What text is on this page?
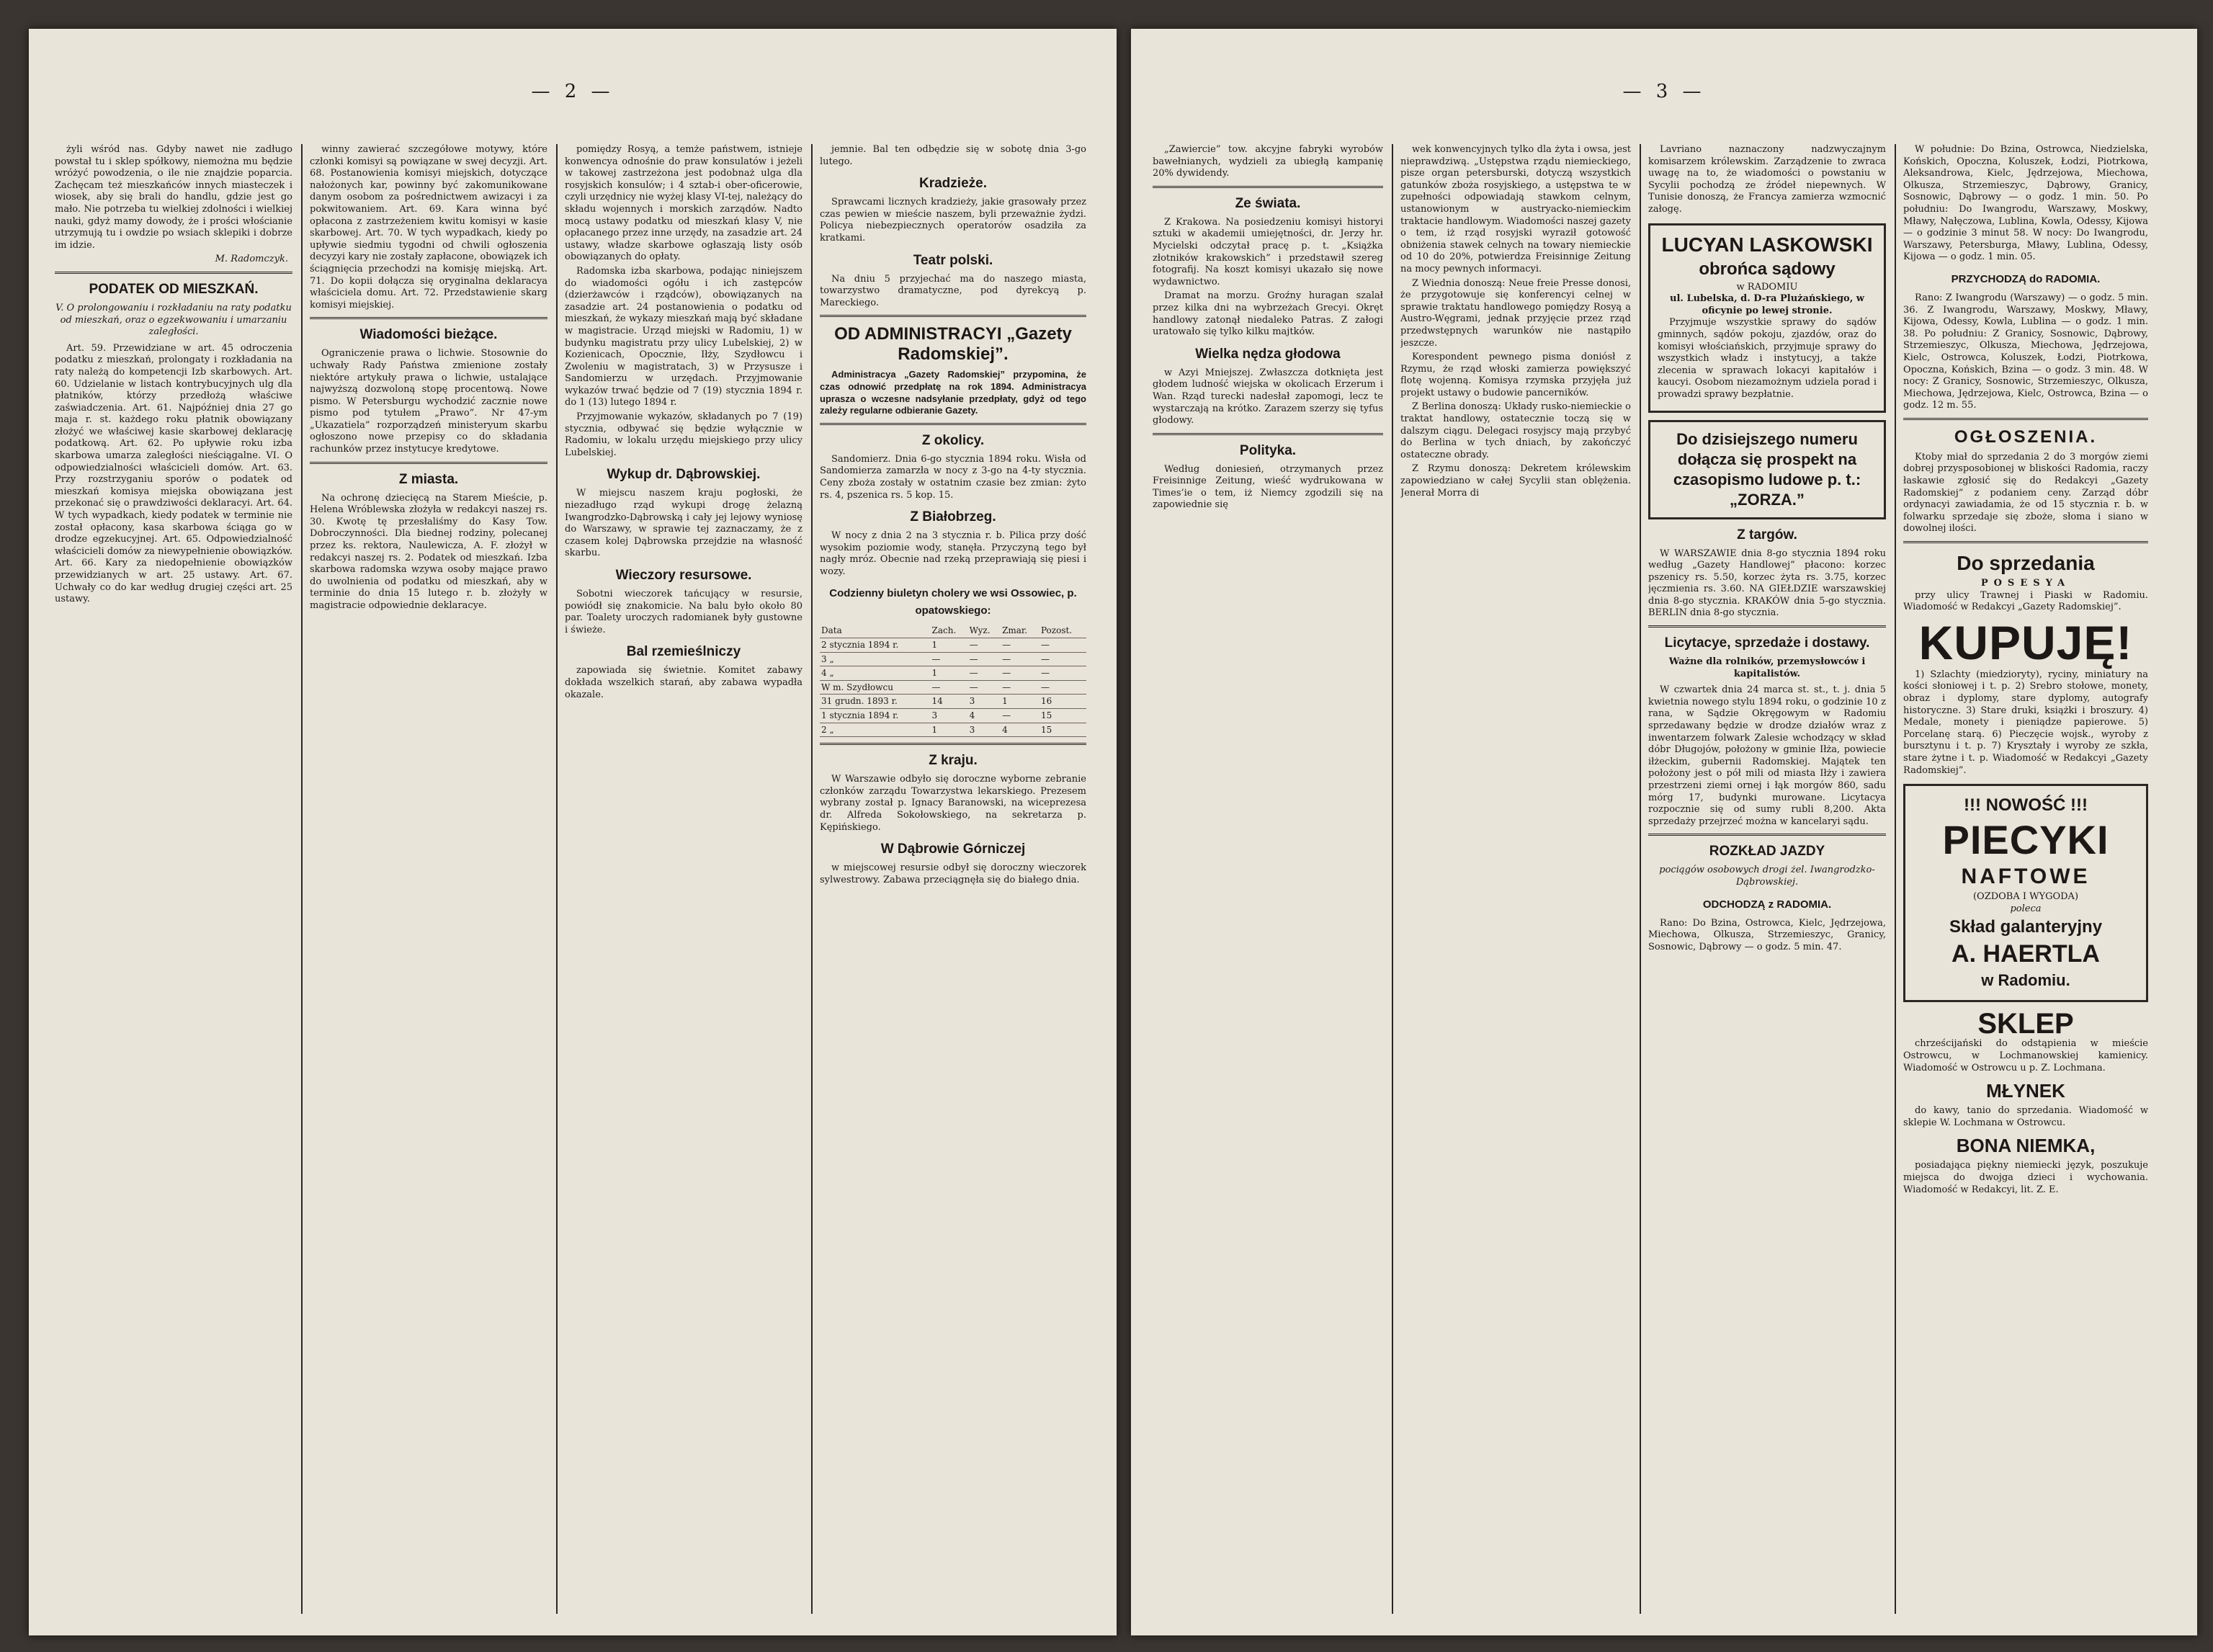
— 2 —

żyli wśród nas. Gdyby nawet nie zadługo powstał tu i sklep spółkowy, niemożna mu będzie wróżyć powodzenia, o ile nie znajdzie poparcia. Zachęcam też mieszkańców innych miasteczek i wiosek, aby się brali do handlu, gdzie jest go mało. Nie potrzeba tu wielkiej zdolności i wielkiej nauki, gdyż mamy dowody, że i prości włościanie utrzymują tu i owdzie po wsiach sklepiki i dobrze im idzie.

M. Radomczyk.
PODATEK OD MIESZKAŃ.
V. O prolongowaniu i rozkładaniu na raty podatku od mieszkań, oraz o egzekwowaniu i umarzaniu zaległości.

Art. 59. Przewidziane w art. 45 odroczenia podatku z mieszkań, prolongaty i rozkładania na raty należą do kompetencji Izb skarbowych. Art. 60. Udzielanie w listach kontrybucyjnych ulg dla płatników, którzy przedłożą właściwe zaświadczenia. Art. 61. Najpóźniej dnia 27 go maja r. st. każdego roku płatnik obowiązany złożyć we właściwej kasie skarbowej deklarację podatkową. Art. 62. Po upływie roku izba skarbowa umarza zaległości nieściągalne. VI. O odpowiedzialności właścicieli domów. Art. 63. Przy rozstrzyganiu sporów o podatek od mieszkań komisya miejska obowiązana jest przekonać się o prawdziwości deklaracyi. Art. 64. W tych wypadkach, kiedy podatek w terminie nie został opłacony, kasa skarbowa ściąga go w drodze egzekucyjnej. Art. 65. Odpowiedzialność właścicieli domów za niewypełnienie obowiązków. Art. 66. Kary za niedopełnienie obowiązków przewidzianych w art. 25 ustawy. Art. 67. Uchwały co do kar według drugiej części art. 25 ustawy.

winny zawierać szczegółowe motywy, które członki komisyi są powiązane w swej decyzji. Art. 68. Postanowienia komisyi miejskich, dotyczące nałożonych kar, powinny być zakomunikowane danym osobom za pośrednictwem awizacyi i za pokwitowaniem. Art. 69. Kara winna być opłacona z zastrzeżeniem kwitu komisyi w kasie skarbowej. Art. 70. W tych wypadkach, kiedy po upływie siedmiu tygodni od chwili ogłoszenia decyzyi kary nie zostały zapłacone, obowiązek ich ściągnięcia przechodzi na komisję miejską. Art. 71. Do kopii dołącza się oryginalna deklaracya właściciela domu. Art. 72. Przedstawienie skarg komisyi miejskiej.

Wiadomości bieżące.

Ograniczenie prawa o lichwie. Stosownie do uchwały Rady Państwa zmienione zostały niektóre artykuły prawa o lichwie, ustalające najwyższą dozwoloną stopę procentową. Nowe pismo. W Petersburgu wychodzić zacznie nowe pismo pod tytułem „Prawo”. Nr 47-ym „Ukazatiela” rozporządzeń ministeryum skarbu ogłoszono nowe przepisy co do składania rachunków przez instytucye kredytowe.

Z miasta.

Na ochronę dziecięcą na Starem Mieście, p. Helena Wróblewska złożyła w redakcyi naszej rs. 30. Kwotę tę przesłaliśmy do Kasy Tow. Dobroczynności. Dla biednej rodziny, polecanej przez ks. rektora, Naulewicza, A. F. złożył w redakcyi naszej rs. 2. Podatek od mieszkań. Izba skarbowa radomska wzywa osoby mające prawo do uwolnienia od podatku od mieszkań, aby w terminie do dnia 15 lutego r. b. złożyły w magistracie odpowiednie deklaracye.

pomiędzy Rosyą, a temże państwem, istnieje konwencya odnośnie do praw konsulatów i jeżeli w takowej zastrzeżona jest podobnaż ulga dla rosyjskich konsulów; i 4 sztab-i ober-oficerowie, czyli urzędnicy nie wyżej klasy VI-tej, należący do składu wojennych i morskich zarządów. Nadto mocą ustawy podatku od mieszkań klasy V, nie opłacanego przez inne urzędy, na zasadzie art. 24 ustawy, władze skarbowe ogłaszają listy osób obowiązanych do opłaty.

Radomska izba skarbowa, podając niniejszem do wiadomości ogółu i ich zastępców (dzierżawców i rządców), obowiązanych na zasadzie art. 24 postanowienia o podatku od mieszkań, że wykazy mieszkań mają być składane w magistracie. Urząd miejski w Radomiu, 1) w budynku magistratu przy ulicy Lubelskiej, 2) w Kozienicach, Opocznie, Iłży, Szydłowcu i Zwoleniu w magistratach, 3) w Przysusze i Sandomierzu w urzędach. Przyjmowanie wykazów trwać będzie od 7 (19) stycznia 1894 r. do 1 (13) lutego 1894 r.

Przyjmowanie wykazów, składanych po 7 (19) stycznia, odbywać się będzie wyłącznie w Radomiu, w lokalu urzędu miejskiego przy ulicy Lubelskiej.

Wykup dr. Dąbrowskiej.

W miejscu naszem kraju pogłoski, że niezadługo rząd wykupi drogę żelazną Iwangrodzko-Dąbrowską i cały jej lejowy wyniosę do Warszawy, w sprawie tej zaznaczamy, że z czasem kolej Dąbrowska przejdzie na własność skarbu.

Wieczory resursowe.

Sobotni wieczorek tańcujący w resursie, powiódł się znakomicie. Na balu było około 80 par. Toalety uroczych radomianek były gustowne i świeże.

Bal rzemieślniczy

zapowiada się świetnie. Komitet zabawy dokłada wszelkich starań, aby zabawa wypadła okazale.

jemnie. Bal ten odbędzie się w sobotę dnia 3-go lutego.

Kradzieże.

Sprawcami licznych kradzieży, jakie grasowały przez czas pewien w mieście naszem, byli przeważnie żydzi. Policya niebezpiecznych operatorów osadziła za kratkami.

Teatr polski.

Na dniu 5 przyjechać ma do naszego miasta, towarzystwo dramatyczne, pod dyrekcyą p. Mareckiego.

OD ADMINISTRACYI „Gazety Radomskiej”.

Administracya „Gazety Radomskiej” przypomina, że czas odnowić przedpłatę na rok 1894. Administracya uprasza o wczesne nadsyłanie przedpłaty, gdyż od tego zależy regularne odbieranie Gazety.

Z okolicy.

Sandomierz. Dnia 6-go stycznia 1894 roku. Wisła od Sandomierza zamarzła w nocy z 3-go na 4-ty stycznia. Ceny zboża zostały w ostatnim czasie bez zmian: żyto rs. 4, pszenica rs. 5 kop. 15.

Z Białobrzeg.

W nocy z dnia 2 na 3 stycznia r. b. Pilica przy dość wysokim poziomie wody, stanęła. Przyczyną tego był nagły mróz. Obecnie nad rzeką przeprawiają się piesi i wozy.

Codzienny biuletyn cholery we wsi Ossowiec, p. opatowskiego:
Data	Zach.	Wyz.	Zmar.	Pozost.
2 stycznia 1894 r.	1	—	—	—
3 „	—	—	—	—
4 „	1	—	—	—
W m. Szydłowcu	—	—	—	—
31 grudn. 1893 r.	14	3	1	16
1 stycznia 1894 r.	3	4	—	15
2 „	1	3	4	15
Z kraju.

W Warszawie odbyło się doroczne wyborne zebranie członków zarządu Towarzystwa lekarskiego. Prezesem wybrany został p. Ignacy Baranowski, na wiceprezesa dr. Alfreda Sokołowskiego, na sekretarza p. Kępińskiego.

W Dąbrowie Górniczej

w miejscowej resursie odbył się doroczny wieczorek sylwestrowy. Zabawa przeciągnęła się do białego dnia.

— 3 —

„Zawiercie” tow. akcyjne fabryki wyrobów bawełnianych, wydzieli za ubiegłą kampanię 20% dywidendy.

Ze świata.

Z Krakowa. Na posiedzeniu komisyi historyi sztuki w akademii umiejętności, dr. Jerzy hr. Mycielski odczytał pracę p. t. „Książka złotników krakowskich” i przedstawił szereg fotografij. Na koszt komisyi ukazało się nowe wydawnictwo.

Dramat na morzu. Groźny huragan szalał przez kilka dni na wybrzeżach Grecyi. Okręt handlowy zatonął niedaleko Patras. Z załogi uratowało się tylko kilku majtków.

Wielka nędza głodowa

w Azyi Mniejszej. Zwłaszcza dotknięta jest głodem ludność wiejska w okolicach Erzerum i Wan. Rząd turecki nadesłał zapomogi, lecz te wystarczają na krótko. Zarazem szerzy się tyfus głodowy.

Polityka.

Według doniesień, otrzymanych przez Freisinnige Zeitung, wieść wydrukowana w Times’ie o tem, iż Niemcy zgodzili się na zapowiednie się

wek konwencyjnych tylko dla żyta i owsa, jest nieprawdziwą. „Ustępstwa rządu niemieckiego, pisze organ petersburski, dotyczą wszystkich gatunków zboża rosyjskiego, a ustępstwa te w zupełności odpowiadają stawkom celnym, ustanowionym w austryacko-niemieckim traktacie handlowym. Wiadomości naszej gazety o tem, iż rząd rosyjski wyraził gotowość obniżenia stawek celnych na towary niemieckie od 10 do 20%, potwierdza Freisinnige Zeitung na mocy pewnych informacyi.

Z Wiednia donoszą: Neue freie Presse donosi, że przygotowuje się konferencyi celnej w sprawie traktatu handlowego pomiędzy Rosyą a Austro-Węgrami, jednak przyjęcie przez rząd przedwstępnych warunków nie nastąpiło jeszcze.

Korespondent pewnego pisma doniósł z Rzymu, że rząd włoski zamierza powiększyć flotę wojenną. Komisya rzymska przyjęła już projekt ustawy o budowie pancerników.

Z Berlina donoszą: Układy rusko-niemieckie o traktat handlowy, ostatecznie toczą się w dalszym ciągu. Delegaci rosyjscy mają przybyć do Berlina w tych dniach, by zakończyć ostateczne obrady.

Z Rzymu donoszą: Dekretem królewskim zapowiedziano w całej Sycylii stan oblężenia. Jenerał Morra di

Lavriano naznaczony nadzwyczajnym komisarzem królewskim. Zarządzenie to zwraca uwagę na to, że wiadomości o powstaniu w Sycylii pochodzą ze źródeł niepewnych. W Tunisie donoszą, że Francya zamierza wzmocnić załogę.

LUCYAN LASKOWSKI
obrońca sądowy
w RADOMIU
ul. Lubelska, d. D-ra Plużańskiego, w oficynie po lewej stronie.

Przyjmuje wszystkie sprawy do sądów gminnych, sądów pokoju, zjazdów, oraz do komisyi włościańskich, przyjmuje sprawy do wszystkich władz i instytucyj, a także zlecenia w sprawach lokacyi kapitałów i kaucyi. Osobom niezamożnym udziela porad i prowadzi sprawy bezpłatnie.

Do dzisiejszego numeru dołącza się prospekt na czasopismo ludowe p. t.: „ZORZA.”
Z targów.

W WARSZAWIE dnia 8-go stycznia 1894 roku według „Gazety Handlowej” płacono: korzec pszenicy rs. 5.50, korzec żyta rs. 3.75, korzec jęczmienia rs. 3.60. NA GIEŁDZIE warszawskiej dnia 8-go stycznia. KRAKÓW dnia 5-go stycznia. BERLIN dnia 8-go stycznia.

Licytacye, sprzedaże i dostawy.
Ważne dla rolników, przemysłowców i kapitalistów.

W czwartek dnia 24 marca st. st., t. j. dnia 5 kwietnia nowego stylu 1894 roku, o godzinie 10 z rana, w Sądzie Okręgowym w Radomiu sprzedawany będzie w drodze działów wraz z inwentarzem folwark Zalesie wchodzący w skład dóbr Długojów, położony w gminie Iłża, powiecie iłżeckim, gubernii Radomskiej. Majątek ten położony jest o pół mili od miasta Iłży i zawiera przestrzeni ziemi ornej i łąk morgów 860, sadu mórg 17, budynki murowane. Licytacya rozpocznie się od sumy rubli 8,200. Akta sprzedaży przejrzeć można w kancelaryi sądu.

ROZKŁAD JAZDY
pociągów osobowych drogi żel. Iwangrodzko-Dąbrowskiej.
ODCHODZĄ z RADOMIA.

Rano: Do Bzina, Ostrowca, Kielc, Jędrzejowa, Miechowa, Olkusza, Strzemieszyc, Granicy, Sosnowic, Dąbrowy — o godz. 5 min. 47.

W południe: Do Bzina, Ostrowca, Niedzielska, Końskich, Opoczna, Koluszek, Łodzi, Piotrkowa, Aleksandrowa, Kielc, Jędrzejowa, Miechowa, Olkusza, Strzemieszyc, Dąbrowy, Granicy, Sosnowic, Dąbrowy — o godz. 1 min. 50. Po południu: Do Iwangrodu, Warszawy, Moskwy, Mławy, Nałęczowa, Lublina, Kowla, Odessy, Kijowa — o godzinie 3 minut 58. W nocy: Do Iwangrodu, Warszawy, Petersburga, Mławy, Lublina, Odessy, Kijowa — o godz. 1 min. 05.

PRZYCHODZĄ do RADOMIA.

Rano: Z Iwangrodu (Warszawy) — o godz. 5 min. 36. Z Iwangrodu, Warszawy, Moskwy, Mławy, Kijowa, Odessy, Kowla, Lublina — o godz. 1 min. 38. Po południu: Z Granicy, Sosnowic, Dąbrowy, Strzemieszyc, Olkusza, Miechowa, Jędrzejowa, Kielc, Ostrowca, Koluszek, Łodzi, Piotrkowa, Opoczna, Końskich, Bzina — o godz. 3 min. 48. W nocy: Z Granicy, Sosnowic, Strzemieszyc, Olkusza, Miechowa, Jędrzejowa, Kielc, Ostrowca, Bzina — o godz. 12 m. 55.

OGŁOSZENIA.

Ktoby miał do sprzedania 2 do 3 morgów ziemi dobrej przysposobionej w bliskości Radomia, raczy łaskawie zgłosić się do Redakcyi „Gazety Radomskiej” z podaniem ceny. Zarząd dóbr ordynacyi zawiadamia, że od 15 stycznia r. b. w folwarku sprzedaje się zboże, słoma i siano w dowolnej ilości.

Do sprzedania
POSESYA

przy ulicy Trawnej i Piaski w Radomiu. Wiadomość w Redakcyi „Gazety Radomskiej”.

KUPUJĘ!

1) Szlachty (miedzioryty), ryciny, miniatury na kości słoniowej i t. p. 2) Srebro stołowe, monety, obraz i dyplomy, stare dyplomy, autografy historyczne. 3) Stare druki, książki i broszury. 4) Medale, monety i pieniądze papierowe. 5) Porcelanę starą. 6) Pieczęcie wojsk., wyroby z bursztynu i t. p. 7) Kryształy i wyroby ze szkła, stare żytne i t. p. Wiadomość w Redakcyi „Gazety Radomskiej”.

!!! NOWOŚĆ !!!
PIECYKI
NAFTOWE
(OZDOBA I WYGODA)
poleca
Skład galanteryjny
A. HAERTLA
w Radomiu.
SKLEP

chrześcijański do odstąpienia w mieście Ostrowcu, w Lochmanowskiej kamienicy. Wiadomość w Ostrowcu u p. Z. Lochmana.

MŁYNEK

do kawy, tanio do sprzedania. Wiadomość w sklepie W. Lochmana w Ostrowcu.

BONA NIEMKA,

posiadająca piękny niemiecki język, poszukuje miejsca do dwojga dzieci i wychowania. Wiadomość w Redakcyi, lit. Z. E.
